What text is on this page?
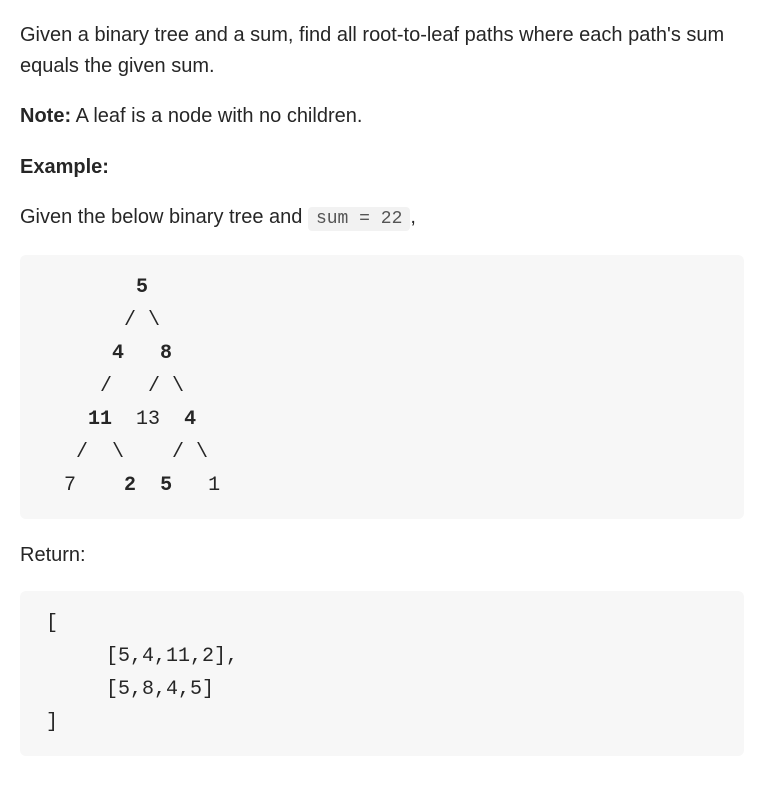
Given a binary tree and a sum, find all root-to-leaf paths where each path's sum equals the given sum.

Note: A leaf is a node with no children.

Example:

Given the below binary tree and sum = 22 ,

5
/ \
4 8
/ / \
11 13 4
/  \ / \
7 2 5 1

Return:

[
[5,4,11,2],
[5,8,4,5]
]
